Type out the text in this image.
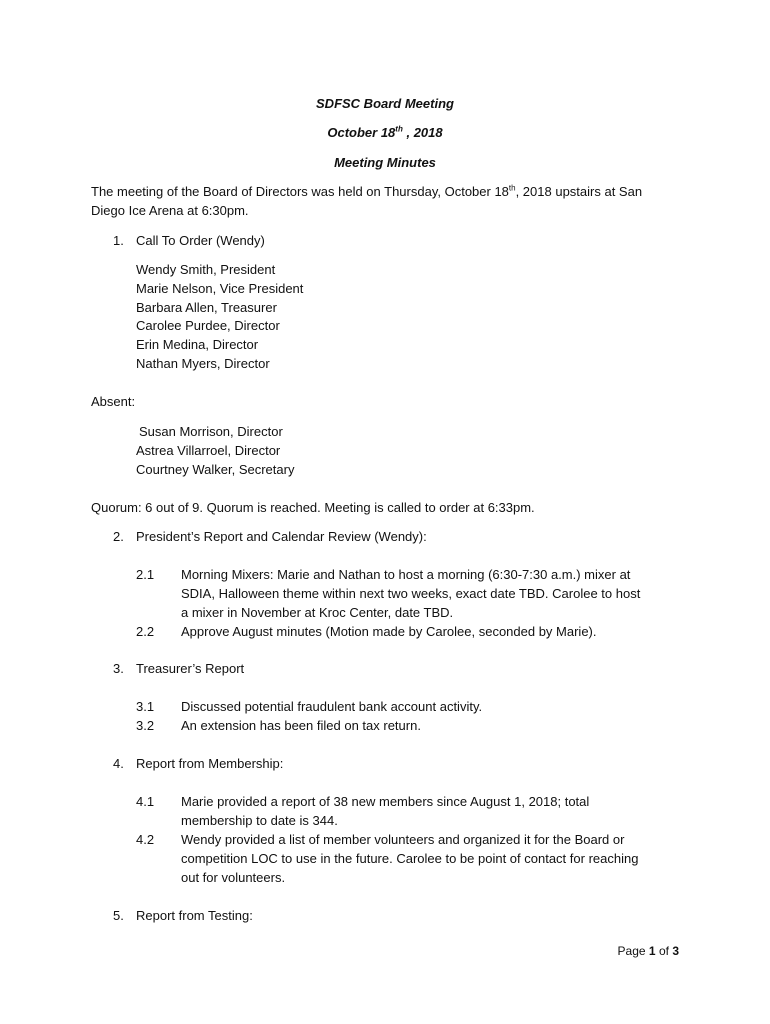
SDFSC Board Meeting
October 18th , 2018
Meeting Minutes
The meeting of the Board of Directors was held on Thursday, October 18th, 2018 upstairs at San
Diego Ice Arena at 6:30pm.
1. Call To Order (Wendy)
Wendy Smith, President
Marie Nelson, Vice President
Barbara Allen, Treasurer
Carolee Purdee, Director
Erin Medina, Director
Nathan Myers, Director
Absent:
Susan Morrison, Director
Astrea Villarroel, Director
Courtney Walker, Secretary
Quorum: 6 out of 9. Quorum is reached. Meeting is called to order at 6:33pm.
2. President’s Report and Calendar Review (Wendy):
2.1 Morning Mixers: Marie and Nathan to host a morning (6:30-7:30 a.m.) mixer at
SDIA, Halloween theme within next two weeks, exact date TBD. Carolee to host
a mixer in November at Kroc Center, date TBD.
2.2 Approve August minutes (Motion made by Carolee, seconded by Marie).
3. Treasurer’s Report
3.1 Discussed potential fraudulent bank account activity.
3.2 An extension has been filed on tax return.
4. Report from Membership:
4.1 Marie provided a report of 38 new members since August 1, 2018; total
membership to date is 344.
4.2 Wendy provided a list of member volunteers and organized it for the Board or
competition LOC to use in the future. Carolee to be point of contact for reaching
out for volunteers.
5. Report from Testing:
Page 1 of 3
